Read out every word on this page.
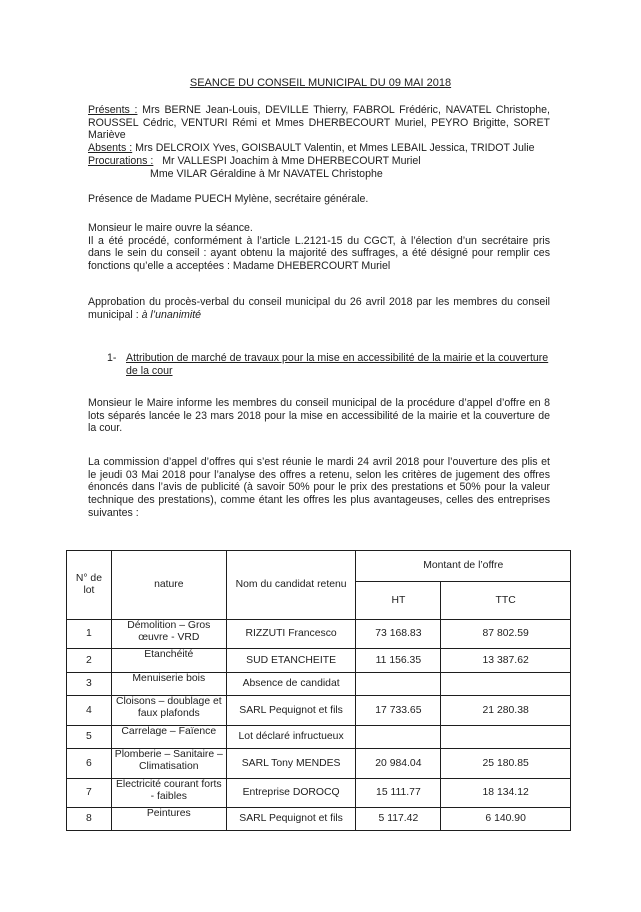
SEANCE DU CONSEIL MUNICIPAL DU 09 MAI 2018
Présents : Mrs BERNE Jean-Louis, DEVILLE Thierry, FABROL Frédéric, NAVATEL Christophe, ROUSSEL Cédric, VENTURI Rémi et Mmes DHERBECOURT Muriel, PEYRO Brigitte, SORET Mariève
Absents : Mrs DELCROIX Yves, GOISBAULT Valentin, et Mmes LEBAIL Jessica, TRIDOT Julie
Procurations : Mr VALLESPI Joachim à Mme DHERBECOURT Muriel
Mme VILAR Géraldine à Mr NAVATEL Christophe
Présence de Madame PUECH Mylène, secrétaire générale.
Monsieur le maire ouvre la séance.
Il a été procédé, conformément à l’article L.2121-15 du CGCT, à l’élection d’un secrétaire pris dans le sein du conseil : ayant obtenu la majorité des suffrages, a été désigné pour remplir ces fonctions qu’elle a acceptées : Madame DHEBERCOURT Muriel
Approbation du procès-verbal du conseil municipal du 26 avril 2018 par les membres du conseil municipal : à l’unanimité
1- Attribution de marché de travaux pour la mise en accessibilité de la mairie et la couverture de la cour
Monsieur le Maire informe les membres du conseil municipal de la procédure d’appel d’offre en 8 lots séparés lancée le 23 mars 2018 pour la mise en accessibilité de la mairie et la couverture de la cour.
La commission d’appel d’offres qui s’est réunie le mardi 24 avril 2018 pour l’ouverture des plis et le jeudi 03 Mai 2018 pour l’analyse des offres a retenu, selon les critères de jugement des offres énoncés dans l’avis de publicité (à savoir 50% pour le prix des prestations et 50% pour la valeur technique des prestations), comme étant les offres les plus avantageuses, celles des entreprises suivantes :
N° de lot	nature	Nom du candidat retenu	Montant de l’offre	
			HT	TTC
1	Démolition – Gros œuvre - VRD	RIZZUTI Francesco	73 168.83	87 802.59
2	Etanchéité	SUD ETANCHEITE	11 156.35	13 387.62
3	Menuiserie bois	Absence de candidat		
4	Cloisons – doublage et faux plafonds	SARL Pequignot et fils	17 733.65	21 280.38
5	Carrelage – Faïence	Lot déclaré infructueux		
6	Plomberie – Sanitaire – Climatisation	SARL Tony MENDES	20 984.04	25 180.85
7	Electricité courant forts - faibles	Entreprise DOROCQ	15 111.77	18 134.12
8	Peintures	SARL Pequignot et fils	5 117.42	6 140.90
